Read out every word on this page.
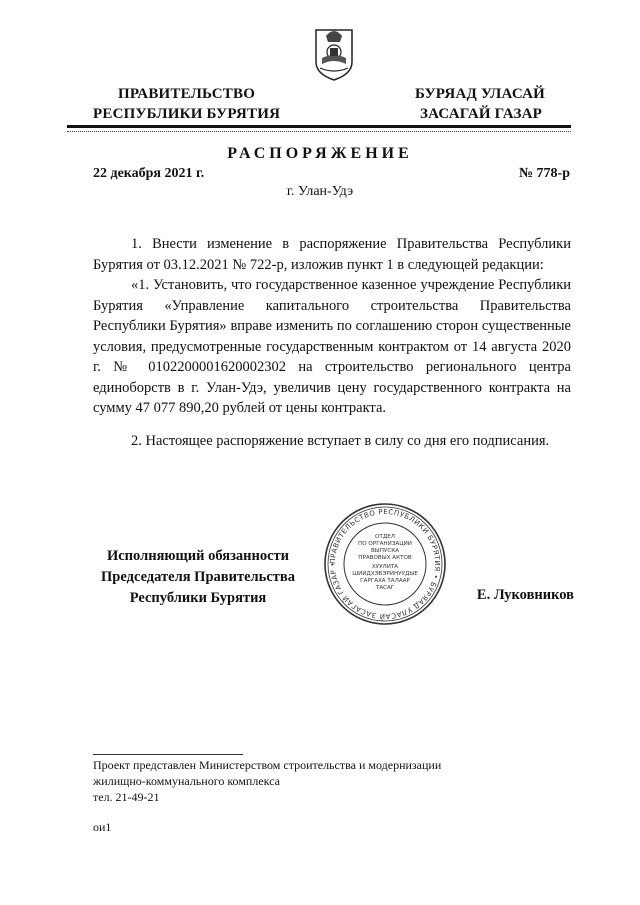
ПРАВИТЕЛЬСТВО
РЕСПУБЛИКИ БУРЯТИЯ
БУРЯАД УЛАСАЙ
ЗАСАГАЙ ГАЗАР
РАСПОРЯЖЕНИЕ
22 декабря 2021 г.	№ 778-р
г. Улан-Удэ

1. Внести изменение в распоряжение Правительства Республики Бурятия от 03.12.2021 № 722-р, изложив пункт 1 в следующей редакции:

«1. Установить, что государственное казенное учреждение Республики Бурятия «Управление капитального строительства Правительства Республики Бурятия» вправе изменить по соглашению сторон существенные условия, предусмотренные государственным контрактом от 14 августа 2020 г. № 0102200001620002302 на строительство регионального центра единоборств в г. Улан-Удэ, увеличив цену государственного контракта на сумму 47 077 890,20 рублей от цены контракта.

2. Настоящее распоряжение вступает в силу со дня его подписания.

Исполняющий обязанности
Председателя Правительства
Республики Бурятия	Е. Луковников
ПРАВИТЕЛЬСТВО РЕСПУБЛИКИ БУРЯТИЯ • БУРЯАД УЛАСАЙ ЗАСАГАЙ ГАЗАР •
ОТДЕЛ
ПО ОРГАНИЗАЦИИ
ВЫПУСКА
ПРАВОВЫХ АКТОВ
ХУУЛИТА
ШИИДХЭБЭРИНУУДЫЕ
ГАРГАХА ТАЛААР
ТАСАГ
Проект представлен Министерством строительства и модернизации
жилищно-коммунального комплекса
тел. 21-49-21
ои1
